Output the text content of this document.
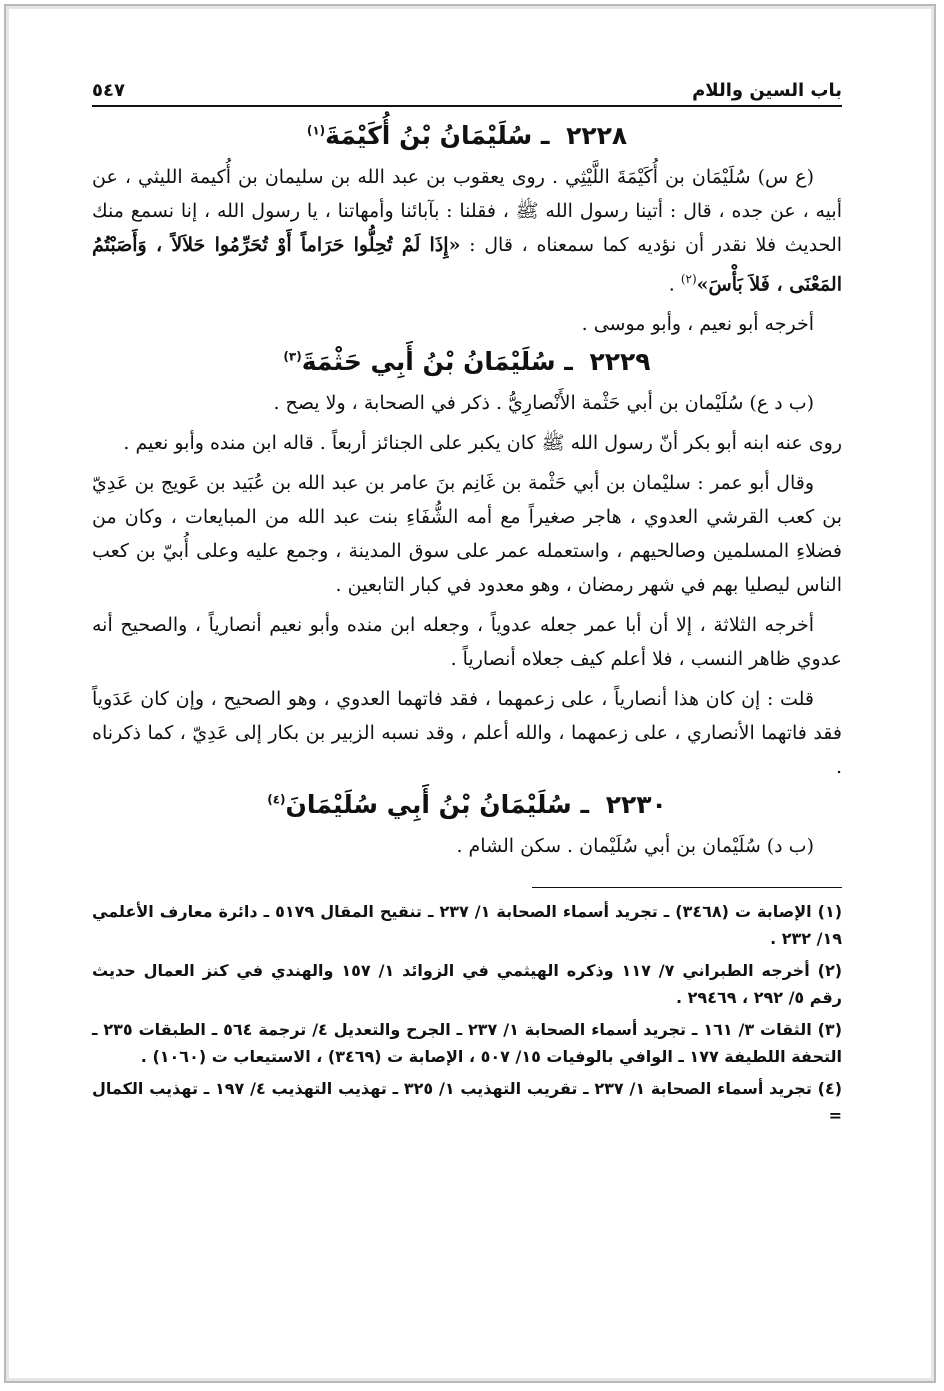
باب السين واللام
٥٤٧
٢٢٢٨ ـ سُلَيْمَانُ بْنُ أُكَيْمَةَ$^{(١)}$

(ع س) سُلَيْمَان بن أُكَيْمَةَ اللَّيْثِي . روى يعقوب بن عبد الله بن سليمان بن أُكيمة الليثي ، عن أبيه ، عن جده ، قال : أتينا رسول الله ﷺ ، فقلنا : بآبائنا وأمهاتنا ، يا رسول الله ، إنا نسمع منك الحديث فلا نقدر أن نؤديه كما سمعناه ، قال : «إِذَا لَمْ تُحِلُّوا حَرَاماً أَوْ تُحَرِّمُوا حَلاَلاً ، وَأَصَبْتُمُ المَعْنَى ، فَلاَ بَأْسَ»$^{(٢)}$ .

أخرجه أبو نعيم ، وأبو موسى .

٢٢٢٩ ـ سُلَيْمَانُ بْنُ أَبِي حَثْمَةَ$^{(٣)}$

(ب د ع) سُلَيْمان بن أبي حَثْمة الأَنْصارِيُّ . ذكر في الصحابة ، ولا يصح .

روى عنه ابنه أبو بكر أنّ رسول الله ﷺ كان يكبر على الجنائز أربعاً . قاله ابن منده وأبو نعيم .

وقال أبو عمر : سليْمان بن أبي حَثْمة بن غَانِم بنَ عامر بن عبد الله بن عُبَيد بن عَويج بن عَدِيّ بن كعب القرشي العدوي ، هاجر صغيراً مع أمه الشُّفَاءِ بنت عبد الله من المبايعات ، وكان من فضلاءِ المسلمين وصالحيهم ، واستعمله عمر على سوق المدينة ، وجمع عليه وعلى أُبيّ بن كعب الناس ليصليا بهم في شهر رمضان ، وهو معدود في كبار التابعين .

أخرجه الثلاثة ، إلا أن أبا عمر جعله عدوياً ، وجعله ابن منده وأبو نعيم أنصارياً ، والصحيح أنه عدوي ظاهر النسب ، فلا أعلم كيف جعلاه أنصارياً .

قلت : إن كان هذا أنصارياً ، على زعمهما ، فقد فاتهما العدوي ، وهو الصحيح ، وإن كان عَدَوياً فقد فاتهما الأنصاري ، على زعمهما ، والله أعلم ، وقد نسبه الزبير بن بكار إلى عَدِيّ ، كما ذكرناه .

٢٢٣٠ ـ سُلَيْمَانُ بْنُ أَبِي سُلَيْمَانَ$^{(٤)}$

(ب د) سُلَيْمان بن أبي سُلَيْمان . سكن الشام .

(١) الإصابة ت (٣٤٦٨) ـ تجريد أسماء الصحابة ١/ ٢٣٧ ـ تنقيح المقال ٥١٧٩ ـ دائرة معارف الأعلمي ١٩/ ٢٣٢ .

(٢) أخرجه الطبراني ٧/ ١١٧ وذكره الهيثمي في الزوائد ١/ ١٥٧ والهندي في كنز العمال حديث رقم ٥/ ٢٩٢ ، ٢٩٤٦٩ .

(٣) الثقات ٣/ ١٦١ ـ تجريد أسماء الصحابة ١/ ٢٣٧ ـ الجرح والتعديل ٤/ ترجمة ٥٦٤ ـ الطبقات ٢٣٥ ـ التحفة اللطيفة ١٧٧ ـ الوافي بالوفيات ١٥/ ٥٠٧ ، الإصابة ت (٣٤٦٩) ، الاستيعاب ت (١٠٦٠) .

(٤) تجريد أسماء الصحابة ١/ ٢٣٧ ـ تقريب التهذيب ١/ ٣٢٥ ـ تهذيب التهذيب ٤/ ١٩٧ ـ تهذيب الكمال =
